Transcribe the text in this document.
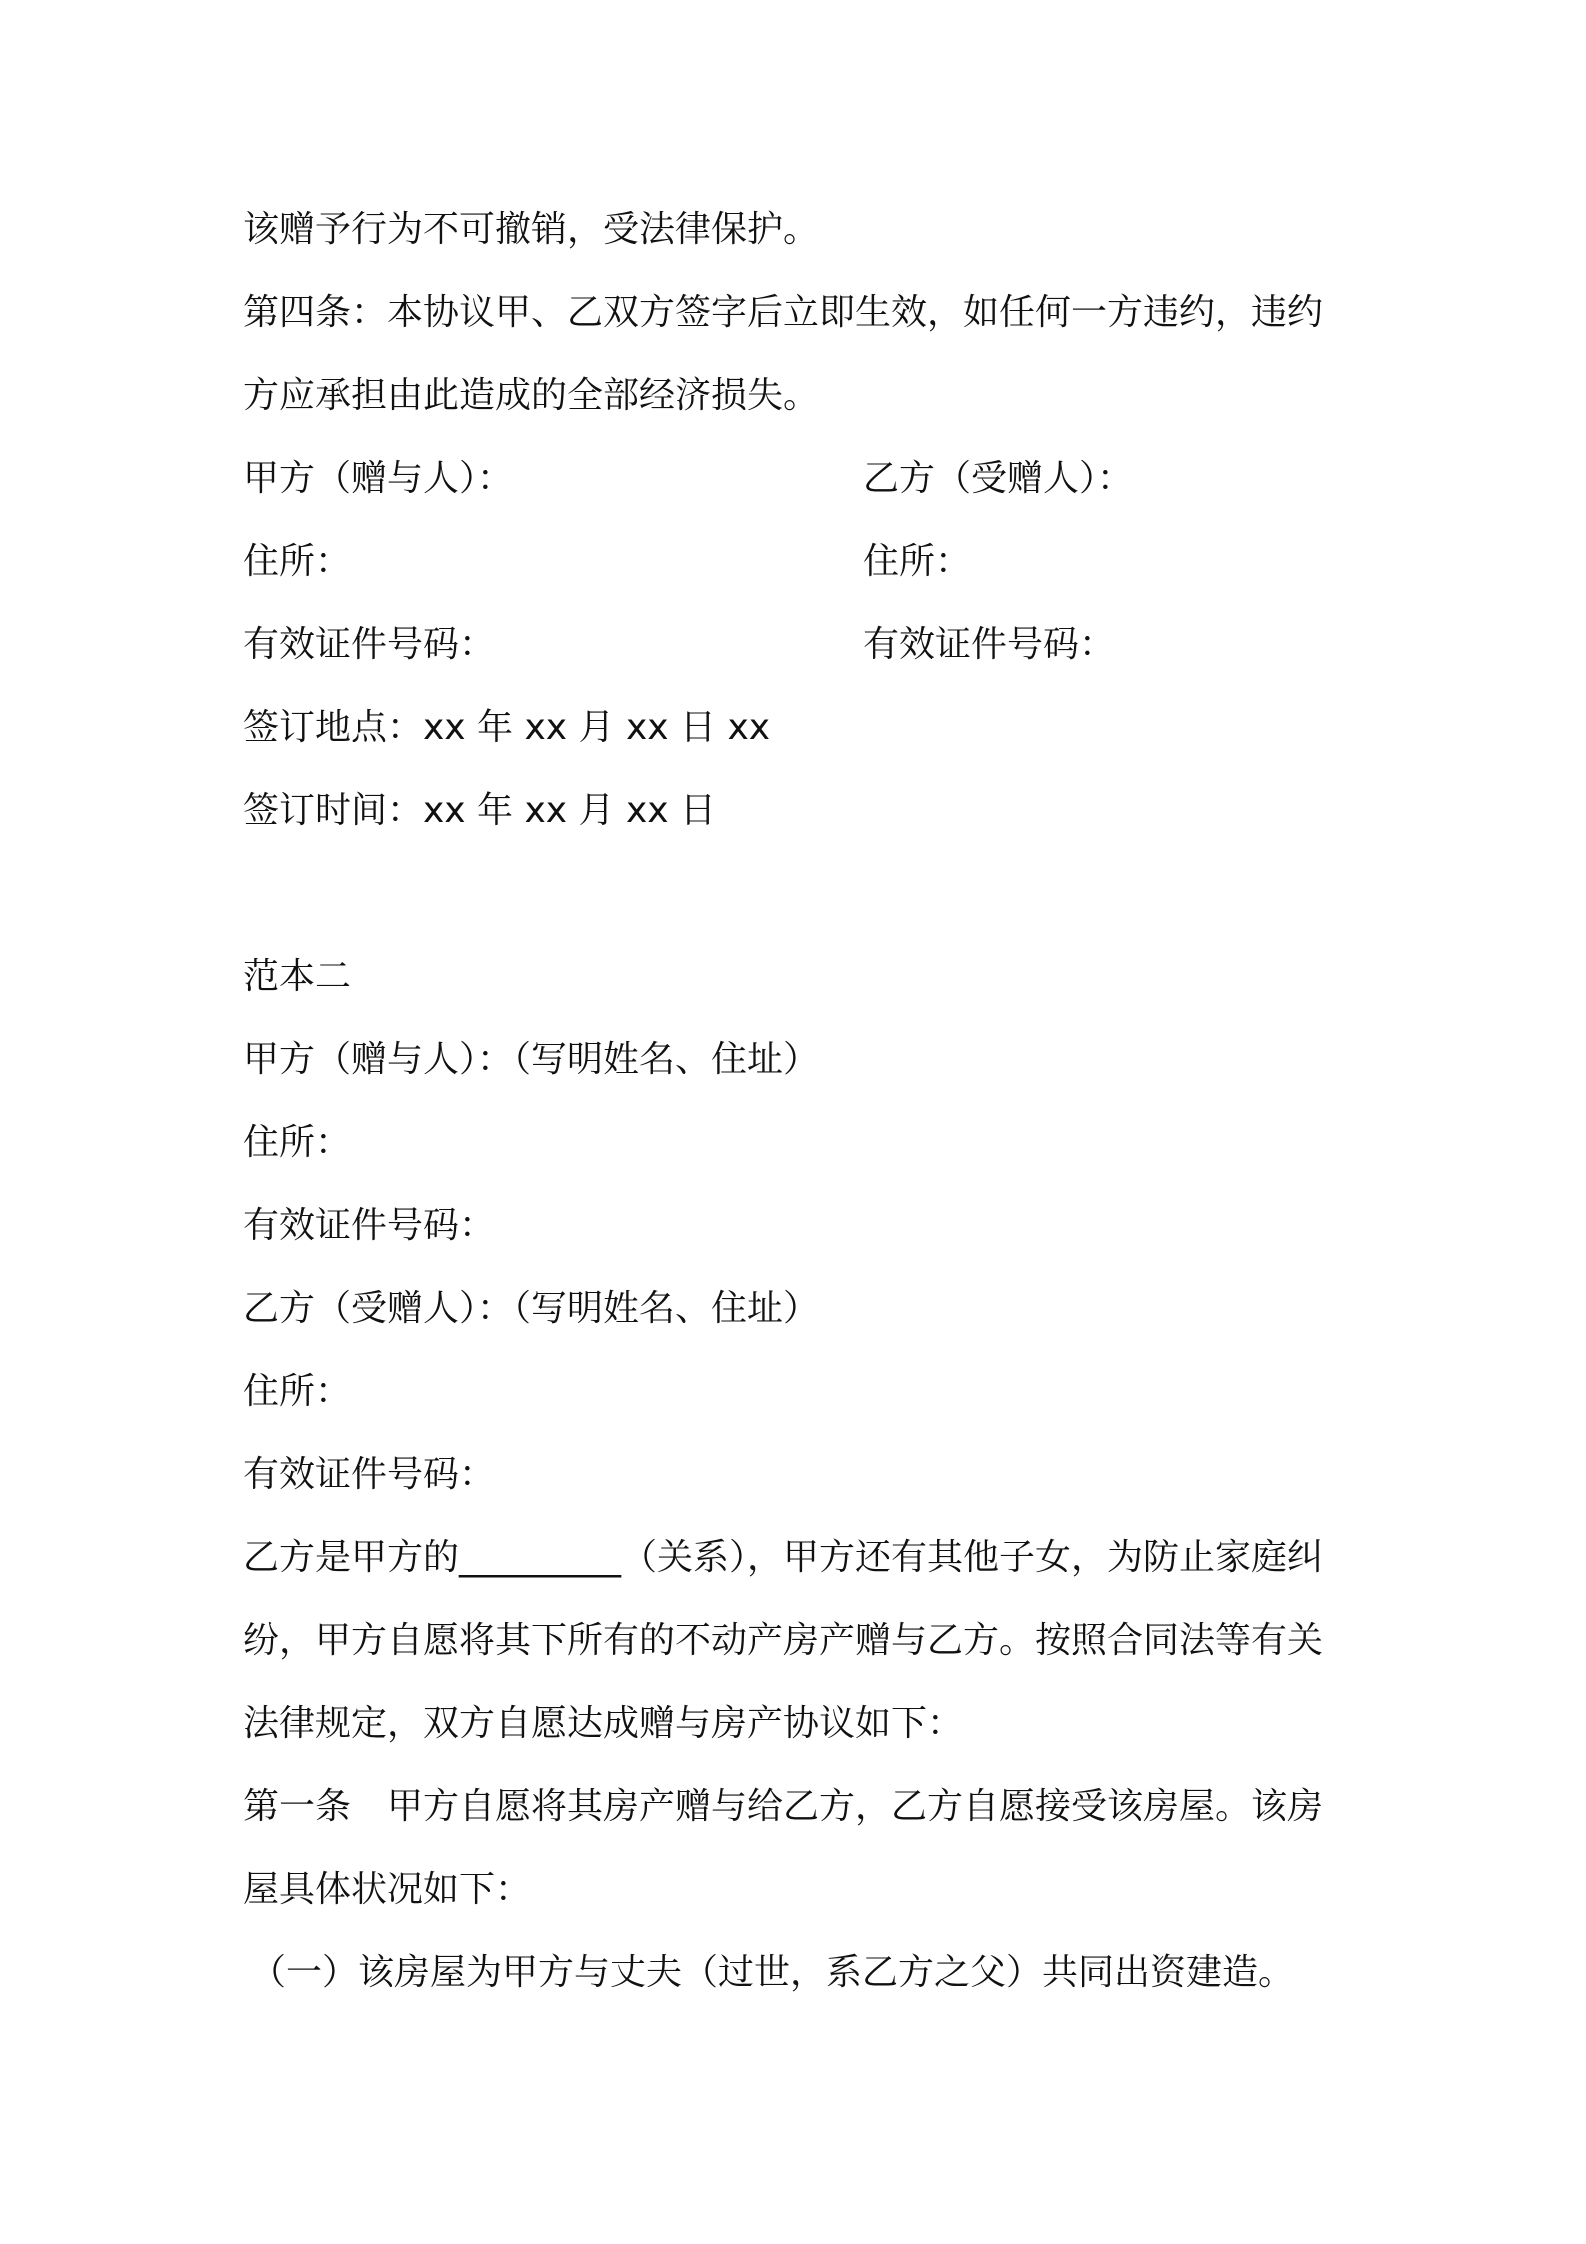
该赠予行为不可撤销，受法律保护。
第四条：本协议甲、乙双方签字后立即生效，如任何一方违约，违约
方应承担由此造成的全部经济损失。
甲方（赠与人）：	乙方（受赠人）：
住所：	住所：
有效证件号码：	有效证件号码：
签订地点：xx 年 xx 月 xx 日 xx
签订时间：xx 年 xx 月 xx 日
范本二
甲方（赠与人）：（写明姓名、住址）
住所：
有效证件号码：
乙方（受赠人）：（写明姓名、住址）
住所：
有效证件号码：
乙方是甲方的_________（关系），甲方还有其他子女，为防止家庭纠
纷，甲方自愿将其下所有的不动产房产赠与乙方。按照合同法等有关
法律规定，双方自愿达成赠与房产协议如下：
第一条　甲方自愿将其房产赠与给乙方，乙方自愿接受该房屋。该房
屋具体状况如下：
（一）该房屋为甲方与丈夫（过世，系乙方之父）共同出资建造。
